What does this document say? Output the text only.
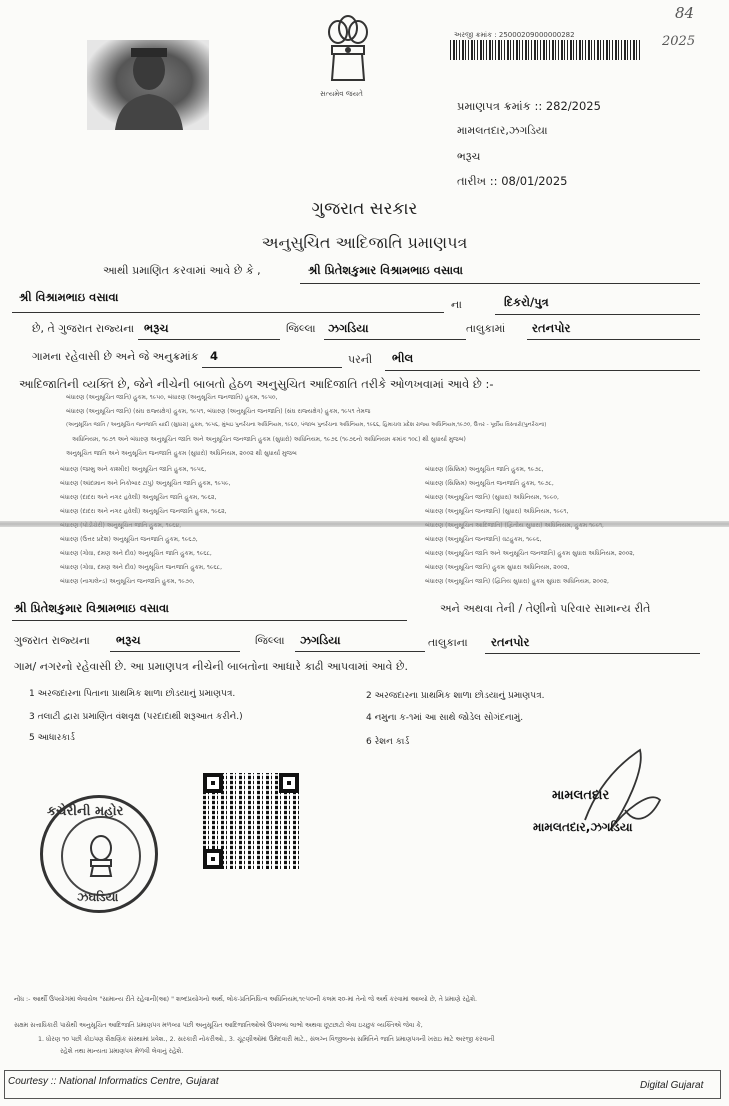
84
2025
સત્યમેવ જયતે
અરજી ક્રમાંક : 25000209000000282
પ્રમાણપત્ર ક્રમાંક :: 282/2025
મામલતદાર,ઝગડિયા
ભરૂચ
તારીખ :: 08/01/2025
ગુજરાત સરકાર
અનુસુચિત આદિજાતિ પ્રમાણપત્ર
આથી પ્રમાણિત કરવામાં આવે છે કે ,	શ્રી પ્રિતેશકુમાર વિશ્રામભાઇ વસાવા
શ્રી વિશ્રામભાઇ વસાવા
ના	દિકરો/પુત્ર
છે, તે ગુજરાત રાજ્યના ભરૂચ	જિલ્લા ઝગડિયા	તાલુકામાં રતનપોર
ગામના રહેવાસી છે અને જે અનુક્રમાંક 4	પરની ભીલ
આદિજાતિની વ્યક્તિ છે, જેને નીચેની બાબતો હેઠળ અનુસુચિત આદિજાતિ તરીકે ઓળખવામાં આવે છે :-
બંધારણ (અનુસૂચિત જાતિ) હુકમ, ૧૯૫૦, બંધારણ (અનુસૂચિત જનજાતિ) હુકમ, ૧૯૫૦,
બંધારણ (અનુસૂચિત જાતિ) (સંઘ રાજ્યક્ષેત્ર) હુકમ, ૧૯૫૧, બંધારણ (અનુસૂચિત જનજાતિ) (સંઘ રાજ્યક્ષેત્ર) હુકમ, ૧૯૫૧ તેમજ
(અનુસૂચિત જાતિ / અનુસૂચિત જનજાતિ યાદી (સુધારા) હુકમ, ૧૯૫૬, મુંબઇ પુનર્રચના અધિનિયમ, ૧૯૬૦, પંજાબ પુનર્રચના અધિનિયમ, ૧૯૬૬, હિમાચલ પ્રદેશ રાજ્ય અધિનિયમ,૧૯૭૦, ઉત્તર - પૂર્વીય વિસ્તારો(પુનર્રચના)
અધિનિયમ, ૧૯૭૧ અને બંધારણ અનુસૂચિત જાતિ અને અનુસૂચિત જનજાતિ હુકમ (સુધારો) અધિનિયમ, ૧૯૭૬ (૧૯૭૬નો અધિનિયમ ક્રમાંક ૧૦૮) થી સુધાર્યા મુજબ)
અનુસૂચિત જાતિ અને અનુસૂચિત જનજાતિ હુકમ (સુધારો) અધિનિયમ, ૨૦૦૨ થી સુધાર્યા મુજબ
બંધારણ (જમ્મુ અને કાશ્મીર) અનુસૂચિત જાતિ હુકમ, ૧૯૫૬,
બંધારણ (આંદામાન અને નિકોબાર ટાપુ) અનુસૂચિત જાતિ હુકમ, ૧૯૫૯,
બંધારણ (દાદરા અને નગર હવેલી) અનુસૂચિત જાતિ હુકમ, ૧૯૬૨,
બંધારણ (દાદરા અને નગર હવેલી) અનુસૂચિત જનજાતિ હુકમ, ૧૯૬૨,
બંધારણ (ઉત્તર પ્રદેશ) અનુસૂચિત જનજાતિ હુકમ, ૧૯૬૭,
બંધારણ (ગોવા, દમણ અને દીવ) અનુસૂચિત જાતિ હુકમ, ૧૯૬૮,
બંધારણ (ગોવા, દમણ અને દીવ) અનુસૂચિત જનજાતિ હુકમ, ૧૯૬૮,
બંધારણ (નાગાલેન્ડ) અનુસૂચિત જનજાતિ હુકમ, ૧૯૭૦,
બંધારણ (સિક્કિમ) અનુસૂચિત જાતિ હુકમ, ૧૯૭૮,
બંધારણ (સિક્કિમ) અનુસૂચિત જનજાતિ હુકમ, ૧૯૭૮,
બંધારણ (અનુસૂચિત જાતિ) (સુધારા) અધિનિયમ, ૧૯૯૦,
બંધારણ (અનુસૂચિત જનજાતિ) (સુધારા) અધિનિયમ, ૧૯૯૧,
બંધારણ (અનુસૂચિત જનજાતિ) વટહુકમ, ૧૯૯૬,
બંધારણ (અનુસૂચિત જાતિ અને અનુસૂચિત જનજાતિ) હુકમ સુધારા અધિનિયમ, ૨૦૦૨,
બંધારણ (અનુસૂચિત જાતિ) હુકમ સુધારા અધિનિયમ, ૨૦૦૨,
બંધારણ (અનુસૂચિત જાતિ) (દ્વિતિય સુધારા) હુકમ સુધારા અધિનિયમ, ૨૦૦૨,
શ્રી પ્રિતેશકુમાર વિશ્રામભાઇ વસાવા	અને અથવા તેની / તેણીનો પરિવાર સામાન્ય રીતે
ગુજરાત રાજ્યના ભરૂચ	જિલ્લા ઝગડિયા	તાલુકાના રતનપોર
ગામ/ નગરનો રહેવાસી છે. આ પ્રમાણપત્ર નીચેની બાબતોના આધારે કાઢી આપવામાં આવે છે.
1 અરજદારના પિતાના પ્રાથમિક શાળા છોડયાનું પ્રમાણપત્ર.	2 અરજદારના પ્રાથમિક શાળા છોડયાનું પ્રમાણપત્ર.
3 તલાટી દ્વારા પ્રમાણિત વંશવૃક્ષ (પરદાદાથી શરૂઆત કરીને.)	4 નમુના ક-૧માં આ સાથે જોડેલ સોગંદનામું.
5 આધારકાર્ડ	6 રેશન કાર્ડ
કચેરીની મહોર
ઝઘડિયા
મામલતદાર
મામલતદાર,ઝગડિયા
નોંધ :- આર્થી ઉપયોગમાં લેવાયેલ "સામાન્ય રીતે રહેવાની(આ) " શબ્દપ્રયોગનો અર્થ, લોક-પ્રતિનિધિત્વ અધિનિયમ,૧૯૫૦ની કલમ ૨૦-માં તેનો જે અર્થ કરવામાં આવ્યો છે, તે પ્રમાણે રહેશે.
સક્ષમ સત્તાધિકારી પાસેથી અનુસૂચિત આદિજાતિ પ્રમાણપત્ર મળવ્યા પછી અનુસૂચિત આદિજાતિઓએ ઉપલબ્ધ લાભો અથવા છૂટછાટો લેવા ઇચ્છુક વ્યક્તિએ જેવા કે,
1. ધોરણ ૧૦ પછી કોઇપણ શૈક્ષણિક સંસ્થામાં પ્રવેશ., 2. સરકારી નોકરીઓ., 3. ચૂંટણીઓમાં ઉમેદવારી માટે., સંલગ્ન વિજીલન્સ સમિતિને જાતિ પ્રમાણપત્રની ખરાઇ માટે અરજી કરવાની
રહેશે તથા માન્યતા પ્રમાણપત્ર મેળવી લેવાનું રહેશે.
Courtesy :: National Informatics Centre, Gujarat	Digital Gujarat
